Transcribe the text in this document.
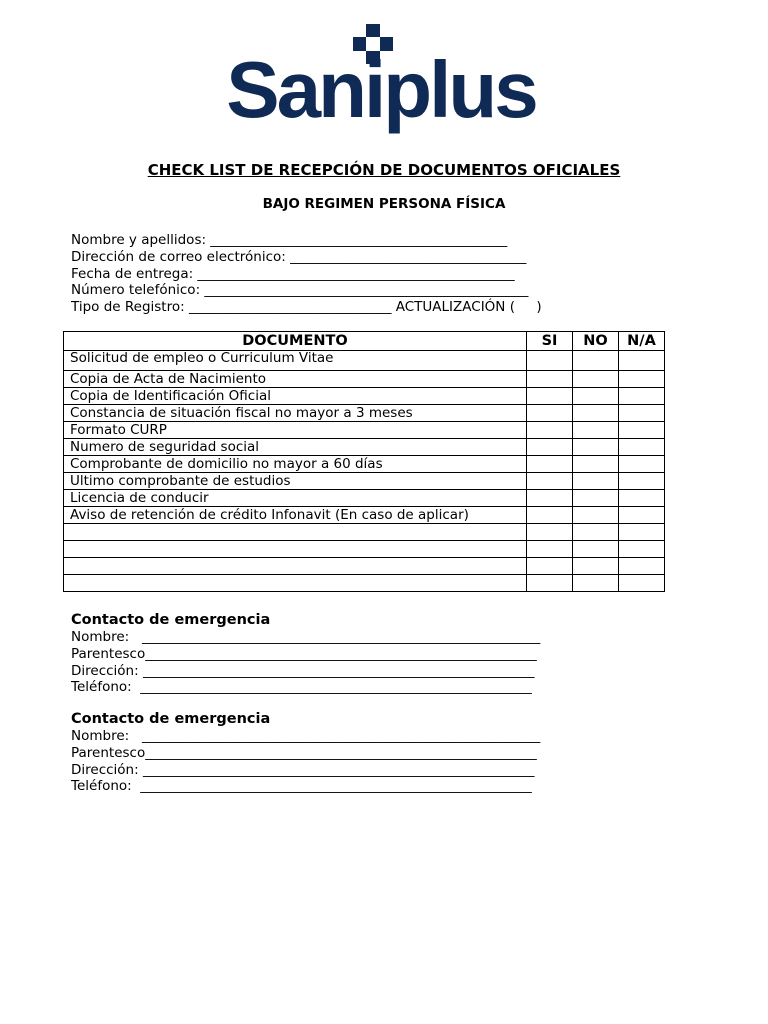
Saniplus
CHECK LIST DE RECEPCIÓN DE DOCUMENTOS OFICIALES
BAJO REGIMEN PERSONA FÍSICA
Nombre y apellidos: ____________________________________________
Dirección de correo electrónico: ___________________________________
Fecha de entrega: _______________________________________________
Número telefónico: ________________________________________________
Tipo de Registro: ______________________________ ACTUALIZACIÓN (     )
DOCUMENTO	SI	NO	N/A
Solicitud de empleo o Curriculum Vitae			
Copia de Acta de Nacimiento			
Copia de Identificación Oficial			
Constancia de situación fiscal no mayor a 3 meses			
Formato CURP			
Numero de seguridad social			
Comprobante de domicilio no mayor a 60 días			
Ultimo comprobante de estudios			
Licencia de conducir			
Aviso de retención de crédito Infonavit (En caso de aplicar)			

Contacto de emergencia
Nombre:   ___________________________________________________________
Parentesco__________________________________________________________
Dirección: __________________________________________________________
Teléfono:  __________________________________________________________
Contacto de emergencia
Nombre:   ___________________________________________________________
Parentesco__________________________________________________________
Dirección: __________________________________________________________
Teléfono:  __________________________________________________________
